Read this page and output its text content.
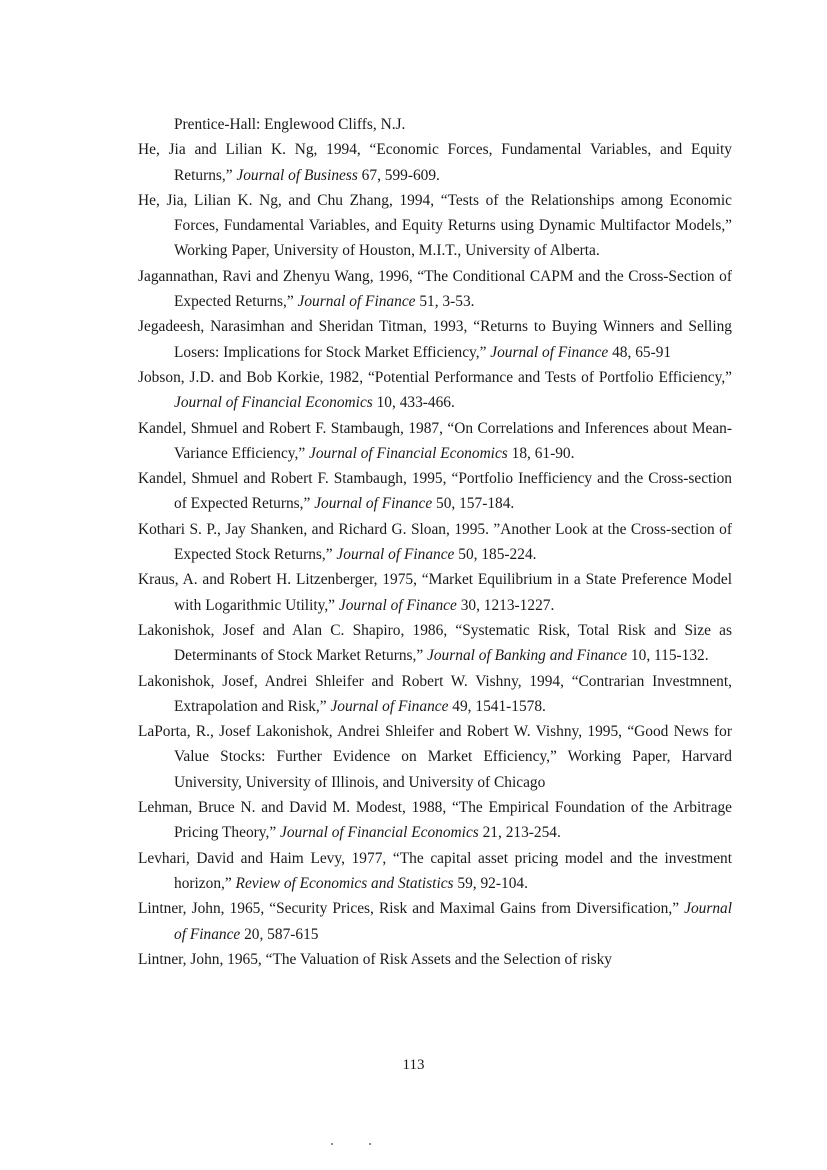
Prentice-Hall: Englewood Cliffs, N.J.

He, Jia and Lilian K. Ng, 1994, “Economic Forces, Fundamental Variables, and Equity Returns,” Journal of Business 67, 599-609.

He, Jia, Lilian K. Ng, and Chu Zhang, 1994, “Tests of the Relationships among Economic Forces, Fundamental Variables, and Equity Returns using Dynamic Multifactor Models,” Working Paper, University of Houston, M.I.T., University of Alberta.

Jagannathan, Ravi and Zhenyu Wang, 1996, “The Conditional CAPM and the Cross-Section of Expected Returns,” Journal of Finance 51, 3-53.

Jegadeesh, Narasimhan and Sheridan Titman, 1993, “Returns to Buying Winners and Selling Losers: Implications for Stock Market Efficiency,” Journal of Finance 48, 65-91

Jobson, J.D. and Bob Korkie, 1982, “Potential Performance and Tests of Portfolio Efficiency,” Journal of Financial Economics 10, 433-466.

Kandel, Shmuel and Robert F. Stambaugh, 1987, “On Correlations and Inferences about Mean-Variance Efficiency,” Journal of Financial Economics 18, 61-90.

Kandel, Shmuel and Robert F. Stambaugh, 1995, “Portfolio Inefficiency and the Cross-section of Expected Returns,” Journal of Finance 50, 157-184.

Kothari S. P., Jay Shanken, and Richard G. Sloan, 1995. ”Another Look at the Cross-section of Expected Stock Returns,” Journal of Finance 50, 185-224.

Kraus, A. and Robert H. Litzenberger, 1975, “Market Equilibrium in a State Preference Model with Logarithmic Utility,” Journal of Finance 30, 1213-1227.

Lakonishok, Josef and Alan C. Shapiro, 1986, “Systematic Risk, Total Risk and Size as Determinants of Stock Market Returns,” Journal of Banking and Finance 10, 115-132.

Lakonishok, Josef, Andrei Shleifer and Robert W. Vishny, 1994, “Contrarian Investmnent, Extrapolation and Risk,” Journal of Finance 49, 1541-1578.

LaPorta, R., Josef Lakonishok, Andrei Shleifer and Robert W. Vishny, 1995, “Good News for Value Stocks: Further Evidence on Market Efficiency,” Working Paper, Harvard University, University of Illinois, and University of Chicago

Lehman, Bruce N. and David M. Modest, 1988, “The Empirical Foundation of the Arbitrage Pricing Theory,” Journal of Financial Economics 21, 213-254.

Levhari, David and Haim Levy, 1977, “The capital asset pricing model and the investment horizon,” Review of Economics and Statistics 59, 92-104.

Lintner, John, 1965, “Security Prices, Risk and Maximal Gains from Diversification,” Journal of Finance 20, 587-615

Lintner, John, 1965, “The Valuation of Risk Assets and the Selection of risky

113
